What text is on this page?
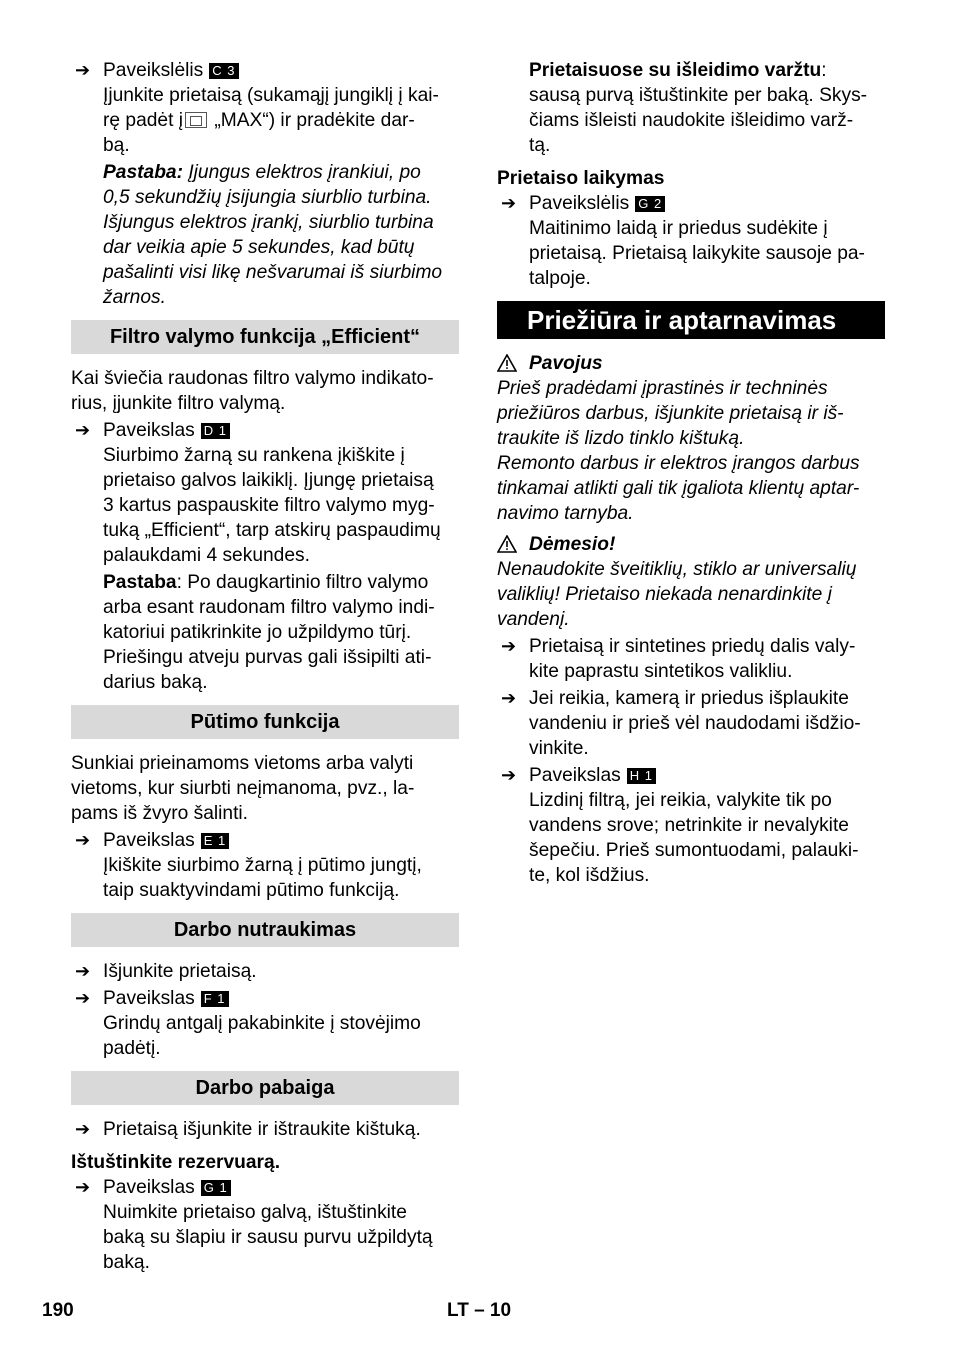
➔ Paveikslėlis C 3

Įjunkite prietaisą (sukamąjį jungiklį į kai-

rę padėt į „MAX“) ir pradėkite dar-

bą.

Pastaba: Įjungus elektros įrankiui, po

0,5 sekundžių įsijungia siurblio turbina.

Išjungus elektros įrankį, siurblio turbina

dar veikia apie 5 sekundes, kad būtų

pašalinti visi likę nešvarumai iš siurbimo

žarnos.

Filtro valymo funkcija „Efficient“

Kai šviečia raudonas filtro valymo indikato-

rius, įjunkite filtro valymą.

➔ Paveikslas D 1

Siurbimo žarną su rankena įkiškite į

prietaiso galvos laikiklį. Įjungę prietaisą

3 kartus paspauskite filtro valymo myg-

tuką „Efficient“, tarp atskirų paspaudimų

palaukdami 4 sekundes.

Pastaba: Po daugkartinio filtro valymo

arba esant raudonam filtro valymo indi-

katoriui patikrinkite jo užpildymo tūrį.

Priešingu atveju purvas gali išsipilti ati-

darius baką.

Pūtimo funkcija

Sunkiai prieinamoms vietoms arba valyti

vietoms, kur siurbti neįmanoma, pvz., la-

pams iš žvyro šalinti.

➔ Paveikslas E 1

Įkiškite siurbimo žarną į pūtimo jungtį,

taip suaktyvindami pūtimo funkciją.

Darbo nutraukimas
➔ Išjunkite prietaisą.
➔ Paveikslas F 1

Grindų antgalį pakabinkite į stovėjimo

padėtį.

Darbo pabaiga
➔ Prietaisą išjunkite ir ištraukite kištuką.
Ištuštinkite rezervuarą.
➔ Paveikslas G 1

Nuimkite prietaiso galvą, ištuštinkite

baką su šlapiu ir sausu purvu užpildytą

baką.

Prietaisuose su išleidimo varžtu:

sausą purvą ištuštinkite per baką. Skys-

čiams išleisti naudokite išleidimo varž-

tą.

Prietaiso laikymas
➔ Paveikslėlis G 2

Maitinimo laidą ir priedus sudėkite į

prietaisą. Prietaisą laikykite sausoje pa-

talpoje.

Priežiūra ir aptarnavimas
Pavojus

Prieš pradėdami įprastinės ir techninės

priežiūros darbus, išjunkite prietaisą ir iš-

traukite iš lizdo tinklo kištuką.

Remonto darbus ir elektros įrangos darbus

tinkamai atlikti gali tik įgaliota klientų aptar-

navimo tarnyba.

Dėmesio!

Nenaudokite šveitiklių, stiklo ar universalių

valiklių! Prietaiso niekada nenardinkite į

vandenį.

➔ Prietaisą ir sintetines priedų dalis valy-

kite paprastu sintetikos valikliu.

➔ Jei reikia, kamerą ir priedus išplaukite

vandeniu ir prieš vėl naudodami išdžio-

vinkite.

➔ Paveikslas H 1

Lizdinį filtrą, jei reikia, valykite tik po

vandens srove; netrinkite ir nevalykite

šepečiu. Prieš sumontuodami, palauki-

te, kol išdžius.

190	LT – 10
